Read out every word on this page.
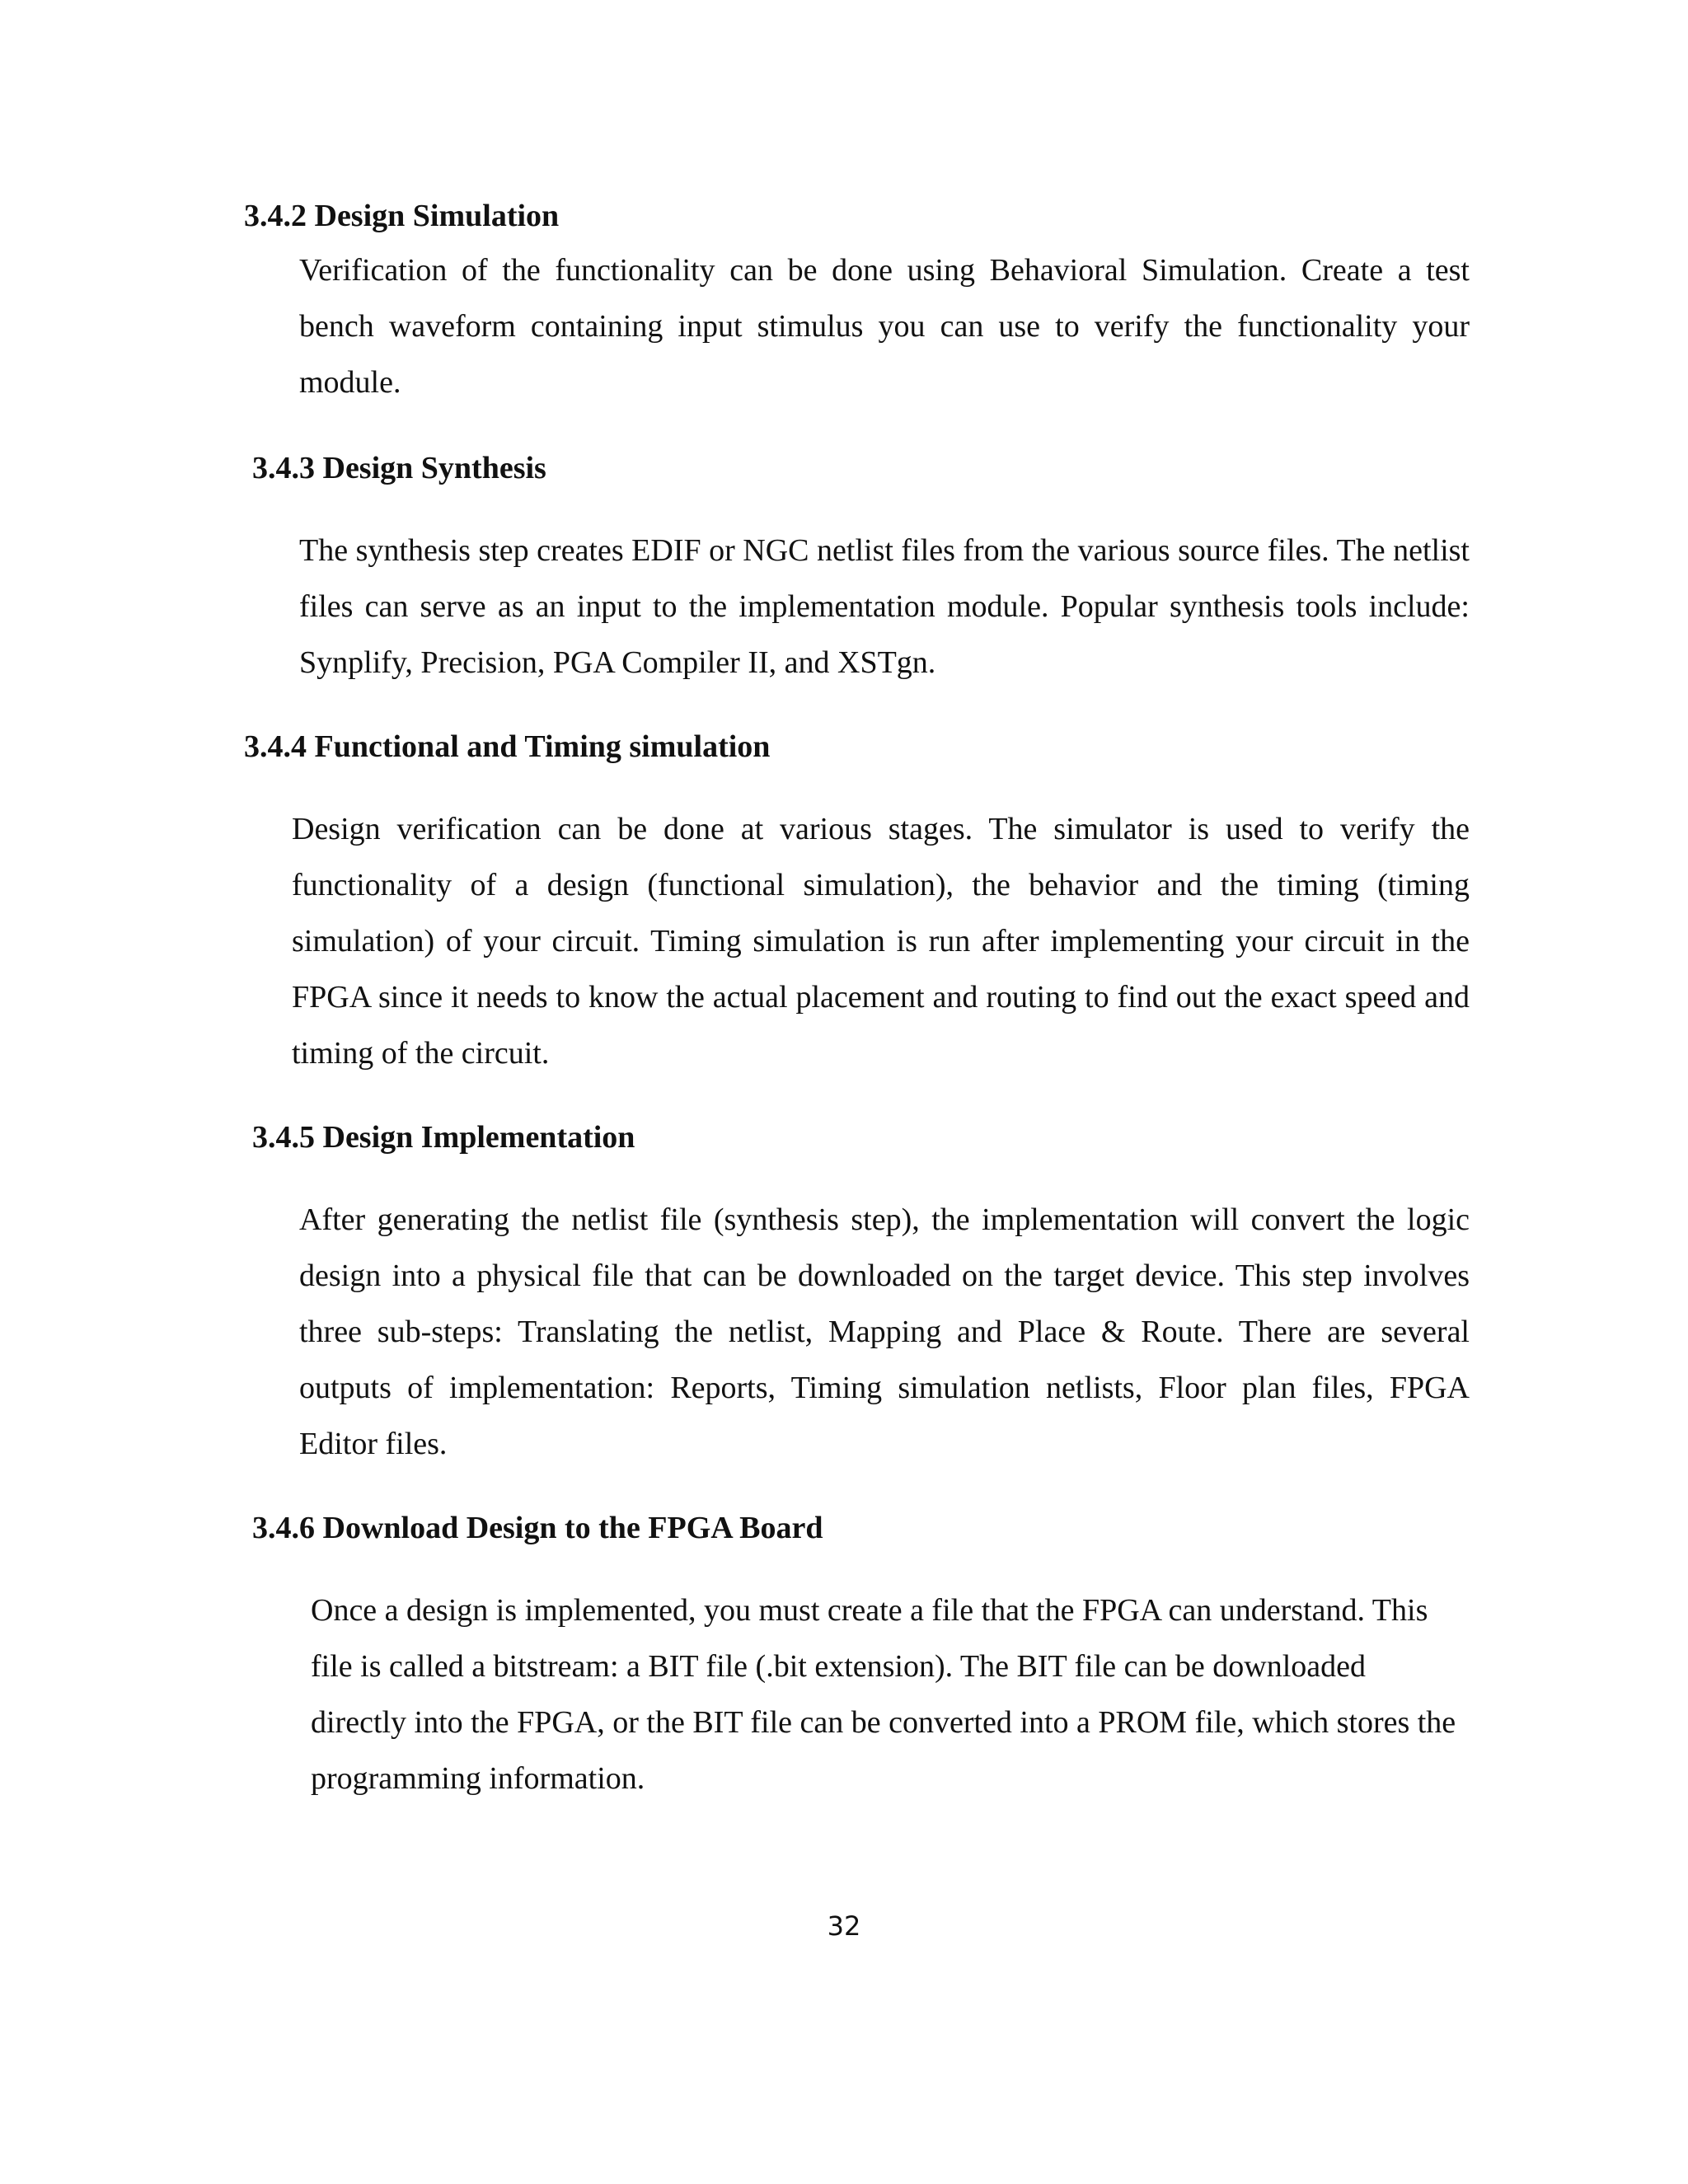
3.4.2 Design Simulation
Verification of the functionality can be done using Behavioral Simulation. Create a test bench waveform containing input stimulus you can use to verify the functionality your module.
3.4.3 Design Synthesis
The synthesis step creates EDIF or NGC netlist files from the various source files. The netlist files can serve as an input to the implementation module. Popular synthesis tools include: Synplify, Precision, PGA Compiler II, and XSTgn.
3.4.4 Functional and Timing simulation
Design verification can be done at various stages. The simulator is used to verify the functionality of a design (functional simulation), the behavior and the timing (timing simulation) of your circuit. Timing simulation is run after implementing your circuit in the FPGA since it needs to know the actual placement and routing to find out the exact speed and timing of the circuit.
3.4.5 Design Implementation
After generating the netlist file (synthesis step), the implementation will convert the logic design into a physical file that can be downloaded on the target device. This step involves three sub-steps: Translating the netlist, Mapping and Place & Route. There are several outputs of implementation: Reports, Timing simulation netlists, Floor plan files, FPGA Editor files.
3.4.6 Download Design to the FPGA Board
Once a design is implemented, you must create a file that the FPGA can understand. This file is called a bitstream: a BIT file (.bit extension). The BIT file can be downloaded directly into the FPGA, or the BIT file can be converted into a PROM file, which stores the programming information.
32
